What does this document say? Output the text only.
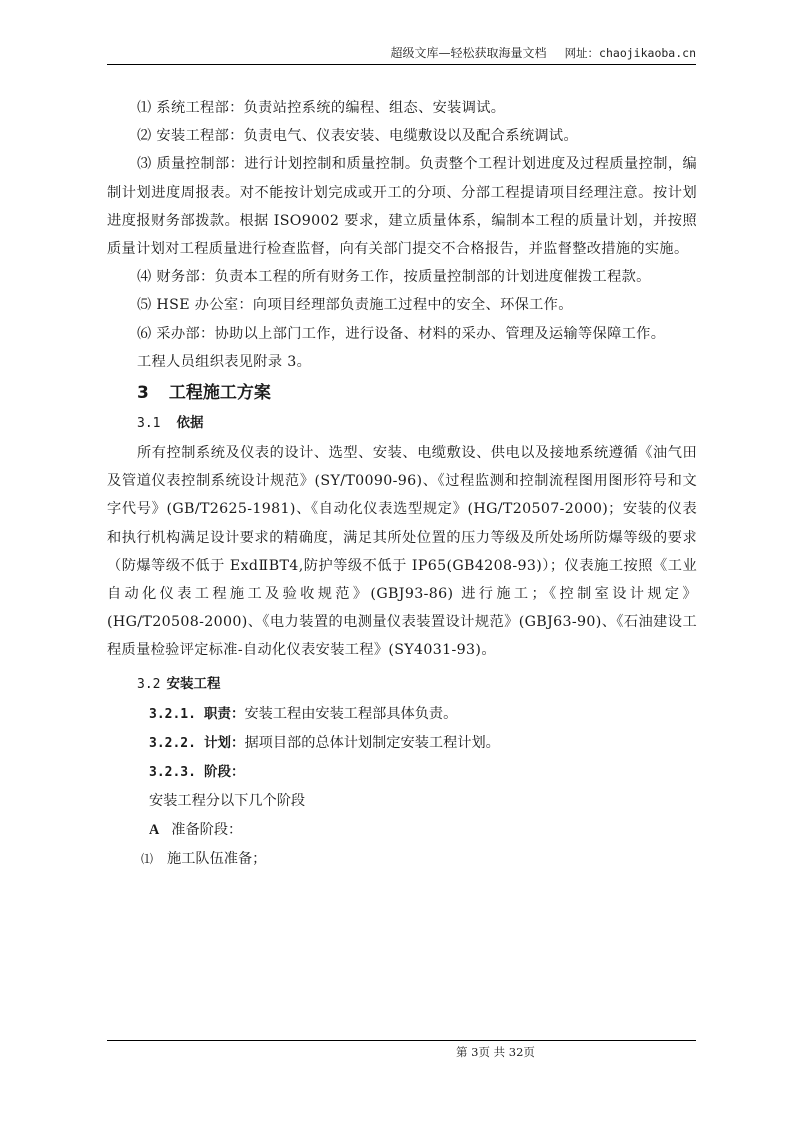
超级文库—轻松获取海量文档 网址：chaojikaoba.cn

⑴ 系统工程部：负责站控系统的编程、组态、安装调试。

⑵ 安装工程部：负责电气、仪表安装、电缆敷设以及配合系统调试。

⑶ 质量控制部：进行计划控制和质量控制。负责整个工程计划进度及过程质量控制，编制计划进度周报表。对不能按计划完成或开工的分项、分部工程提请项目经理注意。按计划进度报财务部拨款。根据 ISO9002 要求，建立质量体系，编制本工程的质量计划，并按照质量计划对工程质量进行检查监督，向有关部门提交不合格报告，并监督整改措施的实施。

⑷ 财务部：负责本工程的所有财务工作，按质量控制部的计划进度催拨工程款。

⑸ HSE 办公室：向项目经理部负责施工过程中的安全、环保工作。

⑹ 采办部：协助以上部门工作，进行设备、材料的采办、管理及运输等保障工作。

工程人员组织表见附录 3。

3 工程施工方案
3.1 依据

所有控制系统及仪表的设计、选型、安装、电缆敷设、供电以及接地系统遵循《油气田及管道仪表控制系统设计规范》(SY/T0090-96)、《过程监测和控制流程图用图形符号和文字代号》(GB/T2625-1981)、《自动化仪表选型规定》(HG/T20507-2000)；安装的仪表和执行机构满足设计要求的精确度，满足其所处位置的压力等级及所处场所防爆等级的要求（防爆等级不低于 ExdⅡBT4,防护等级不低于 IP65(GB4208-93)）；仪表施工按照《工业自动化仪表工程施工及验收规范》(GBJ93-86) 进行施工；《控制室设计规定》(HG/T20508-2000)、《电力装置的电测量仪表装置设计规范》(GBJ63-90)、《石油建设工程质量检验评定标准-自动化仪表安装工程》(SY4031-93)。

3.2 安装工程
3.2.1. 职责：安装工程由安装工程部具体负责。
3.2.2. 计划：据项目部的总体计划制定安装工程计划。
3.2.3. 阶段：
安装工程分以下几个阶段
A 准备阶段：
⑴ 施工队伍准备；
第 3页 共 32页
